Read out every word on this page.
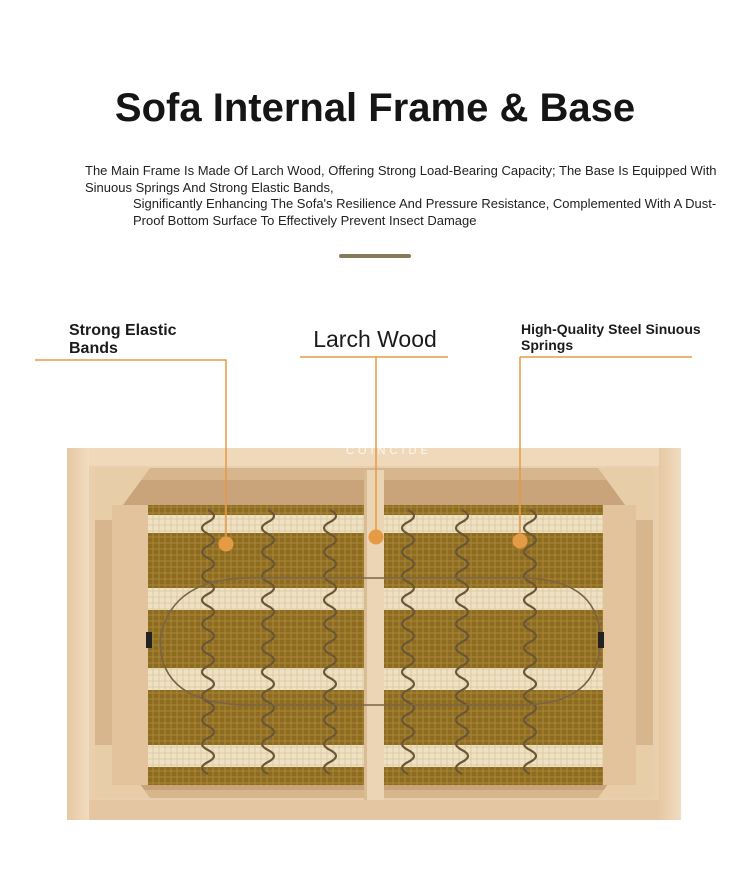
Sofa Internal Frame & Base

The Main Frame Is Made Of Larch Wood, Offering Strong Load-Bearing Capacity; The Base Is Equipped With Sinuous Springs And Strong Elastic Bands,

Significantly Enhancing The Sofa's Resilience And Pressure Resistance, Complemented With A Dust-Proof Bottom Surface To Effectively Prevent Insect Damage

Strong Elastic Bands	Larch Wood	High-Quality Steel Sinuous Springs
COINCIDE
